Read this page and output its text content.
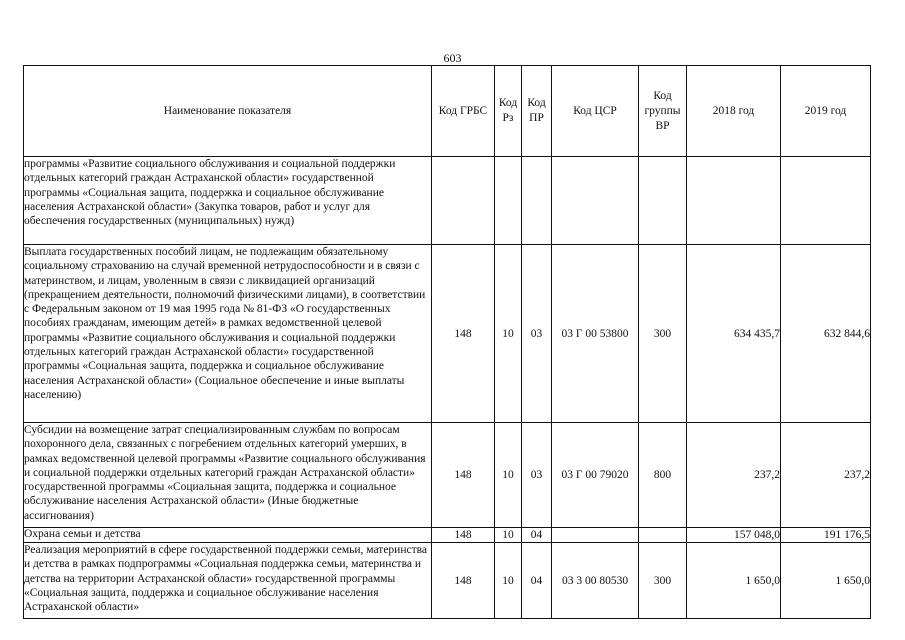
603
Наименование показателя	Код ГРБС	Код Рз	Код ПР	Код ЦСР	Код группы ВР	2018 год	2019 год
программы «Развитие социального обслуживания и социальной поддержки отдельных категорий граждан Астраханской области» государственной программы «Социальная защита, поддержка и социальное обслуживание населения Астраханской области» (Закупка товаров, работ и услуг для обеспечения государственных (муниципальных) нужд)							
Выплата государственных пособий лицам, не подлежащим обязательному социальному страхованию на случай временной нетрудоспособности и в связи с материнством, и лицам, уволенным в связи с ликвидацией организаций (прекращением деятельности, полномочий физическими лицами), в соответствии с Федеральным законом от 19 мая 1995 года № 81-ФЗ «О государственных пособиях гражданам, имеющим детей» в рамках ведомственной целевой программы «Развитие социального обслуживания и социальной поддержки отдельных категорий граждан Астраханской области» государственной программы «Социальная защита, поддержка и социальное обслуживание населения Астраханской области» (Социальное обеспечение и иные выплаты населению)	148	10	03	03 Г 00 53800	300	634 435,7	632 844,6
Субсидии на возмещение затрат специализированным службам по вопросам похоронного дела, связанных с погребением отдельных категорий умерших, в рамках ведомственной целевой программы «Развитие социального обслуживания и социальной поддержки отдельных категорий граждан Астраханской области» государственной программы «Социальная защита, поддержка и социальное обслуживание населения Астраханской области» (Иные бюджетные ассигнования)	148	10	03	03 Г 00 79020	800	237,2	237,2
Охрана семьи и детства	148	10	04			157 048,0	191 176,5
Реализация мероприятий в сфере государственной поддержки семьи, материнства и детства в рамках подпрограммы «Социальная поддержка семьи, материнства и детства на территории Астраханской области» государственной программы «Социальная защита, поддержка и социальное обслуживание населения Астраханской области»	148	10	04	03 3 00 80530	300	1 650,0	1 650,0
